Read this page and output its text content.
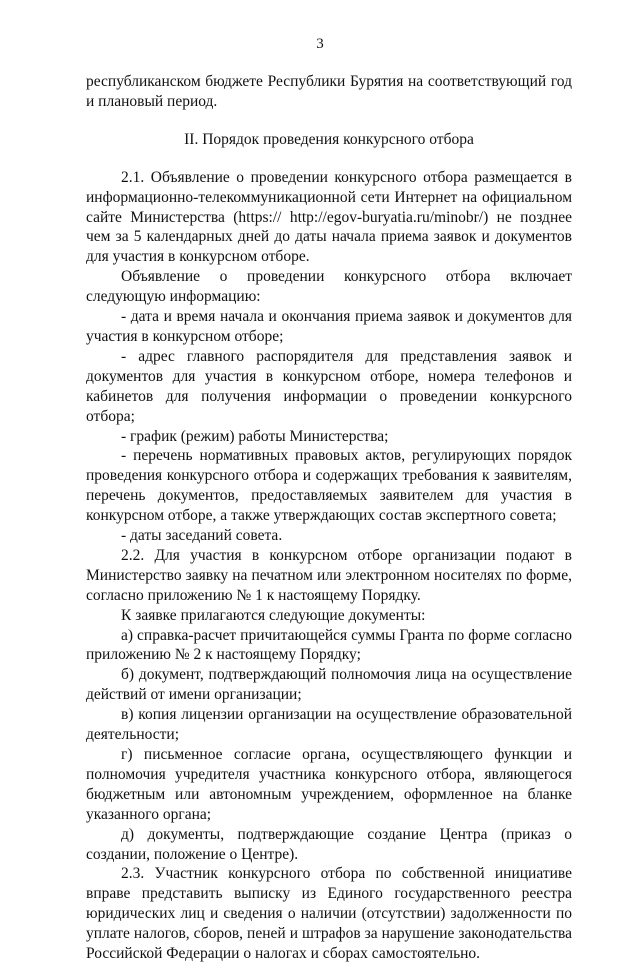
3

республиканском бюджете Республики Бурятия на соответствующий год и плановый период.

II. Порядок проведения конкурсного отбора

2.1. Объявление о проведении конкурсного отбора размещается в информационно-телекоммуникационной сети Интернет на официальном сайте Министерства (https:// http://egov-buryatia.ru/minobr/) не позднее чем за 5 календарных дней до даты начала приема заявок и документов для участия в конкурсном отборе.

Объявление о проведении конкурсного отбора включает следующую информацию:

- дата и время начала и окончания приема заявок и документов для участия в конкурсном отборе;

- адрес главного распорядителя для представления заявок и документов для участия в конкурсном отборе, номера телефонов и кабинетов для получения информации о проведении конкурсного отбора;

- график (режим) работы Министерства;

- перечень нормативных правовых актов, регулирующих порядок проведения конкурсного отбора и содержащих требования к заявителям, перечень документов, предоставляемых заявителем для участия в конкурсном отборе, а также утверждающих состав экспертного совета;

- даты заседаний совета.

2.2. Для участия в конкурсном отборе организации подают в Министерство заявку на печатном или электронном носителях по форме, согласно приложению № 1 к настоящему Порядку.

К заявке прилагаются следующие документы:

а) справка-расчет причитающейся суммы Гранта по форме согласно приложению № 2 к настоящему Порядку;

б) документ, подтверждающий полномочия лица на осуществление действий от имени организации;

в) копия лицензии организации на осуществление образовательной деятельности;

г) письменное согласие органа, осуществляющего функции и полномочия учредителя участника конкурсного отбора, являющегося бюджетным или автономным учреждением, оформленное на бланке указанного органа;

д) документы, подтверждающие создание Центра (приказ о создании, положение о Центре).

2.3. Участник конкурсного отбора по собственной инициативе вправе представить выписку из Единого государственного реестра юридических лиц и сведения о наличии (отсутствии) задолженности по уплате налогов, сборов, пеней и штрафов за нарушение законодательства Российской Федерации о налогах и сборах самостоятельно.
